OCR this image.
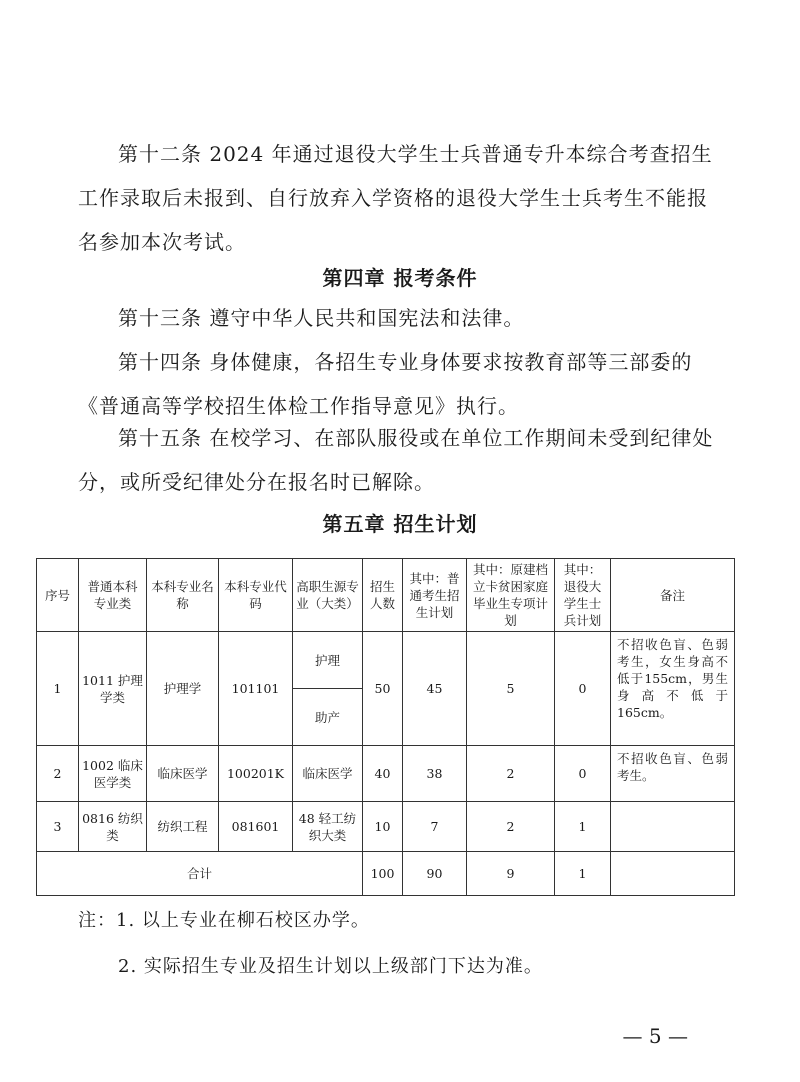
第十二条 2024 年通过退役大学生士兵普通专升本综合考查招生工作录取后未报到、自行放弃入学资格的退役大学生士兵考生不能报名参加本次考试。

第四章 报考条件

第十三条 遵守中华人民共和国宪法和法律。

第十四条 身体健康，各招生专业身体要求按教育部等三部委的《普通高等学校招生体检工作指导意见》执行。

第十五条 在校学习、在部队服役或在单位工作期间未受到纪律处分，或所受纪律处分在报名时已解除。

第五章 招生计划
序号	普通本科专业类	本科专业名称	本科专业代码	高职生源专业（大类）	招生人数	其中：普通考生招生计划	其中：原建档立卡贫困家庭毕业生专项计划	其中：退役大学生士兵计划	备注
1	1011 护理学类	护理学	101101	护理	50	45	5	0	不招收色盲、色弱考生，女生身高不低于155cm，男生身高不低于165cm。
				助产					
2	1002 临床医学类	临床医学	100201K	临床医学	40	38	2	0	不招收色盲、色弱考生。
3	0816 纺织类	纺织工程	081601	48 轻工纺织大类	10	7	2	1	
合计					100	90	9	1	

注：1. 以上专业在柳石校区办学。

2. 实际招生专业及招生计划以上级部门下达为准。

— 5 —
